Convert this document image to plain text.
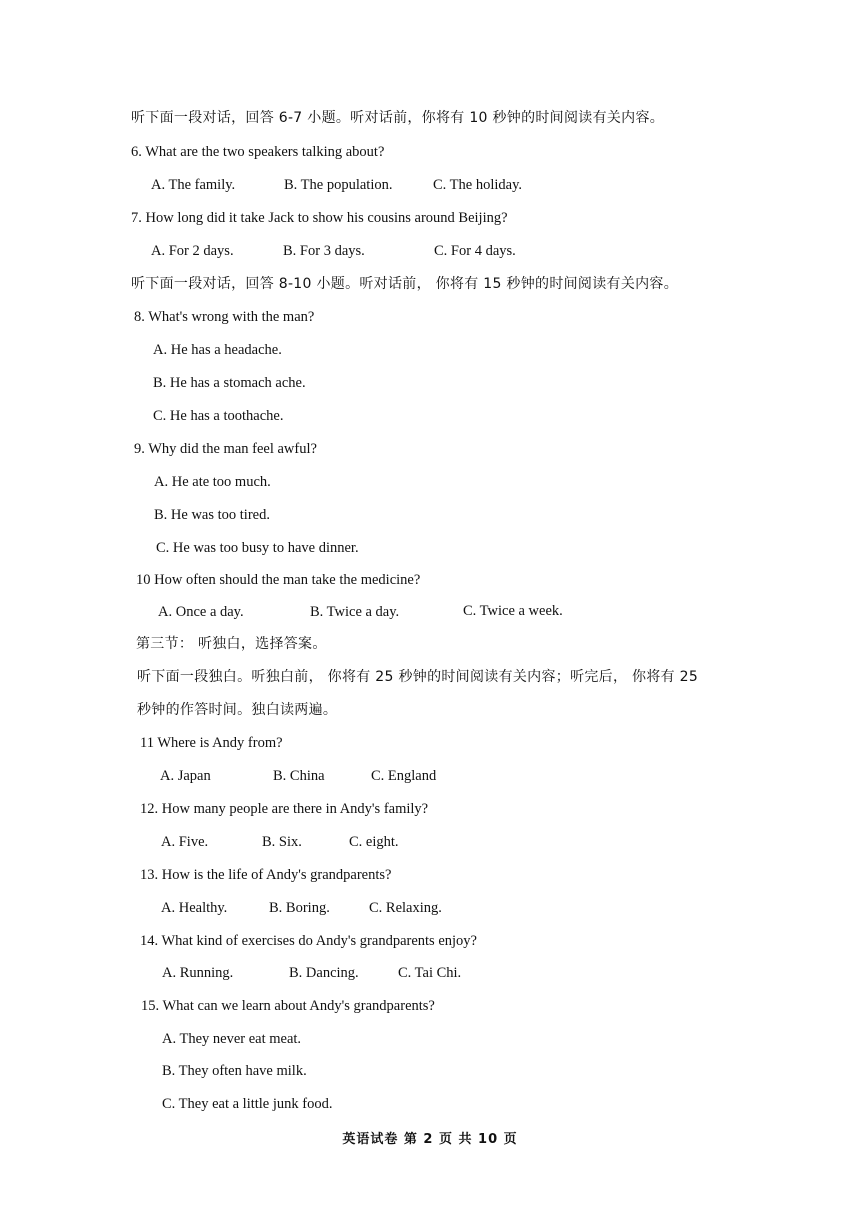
听下面一段对话，回答 6-7 小题。听对话前，你将有 10 秒钟的时间阅读有关内容。
6. What are the two speakers talking about?
A. The family.	B. The population.	C. The holiday.
7. How long did it take Jack to show his cousins around Beijing?
A. For 2 days.	B. For 3 days.	C. For 4 days.
听下面一段对话，回答 8-10 小题。听对话前， 你将有 15 秒钟的时间阅读有关内容。
8. What's wrong with the man?
A. He has a headache.
B. He has a stomach ache.
C. He has a toothache.
9. Why did the man feel awful?
A. He ate too much.
B. He was too tired.
C. He was too busy to have dinner.
10 How often should the man take the medicine?
A. Once a day.	B. Twice a day.	C. Twice a week.
第三节： 听独白，选择答案。
听下面一段独白。听独白前， 你将有 25 秒钟的时间阅读有关内容；听完后， 你将有 25
秒钟的作答时间。独白读两遍。
11 Where is Andy from?
A. Japan	B. China	C. England
12. How many people are there in Andy's family?
A. Five.	B. Six.	C. eight.
13. How is the life of Andy's grandparents?
A. Healthy.	B. Boring.	C. Relaxing.
14. What kind of exercises do Andy's grandparents enjoy?
A. Running.	B. Dancing.	C. Tai Chi.
15. What can we learn about Andy's grandparents?
A. They never eat meat.
B. They often have milk.
C. They eat a little junk food.
英语试卷 第 2 页 共 10 页
